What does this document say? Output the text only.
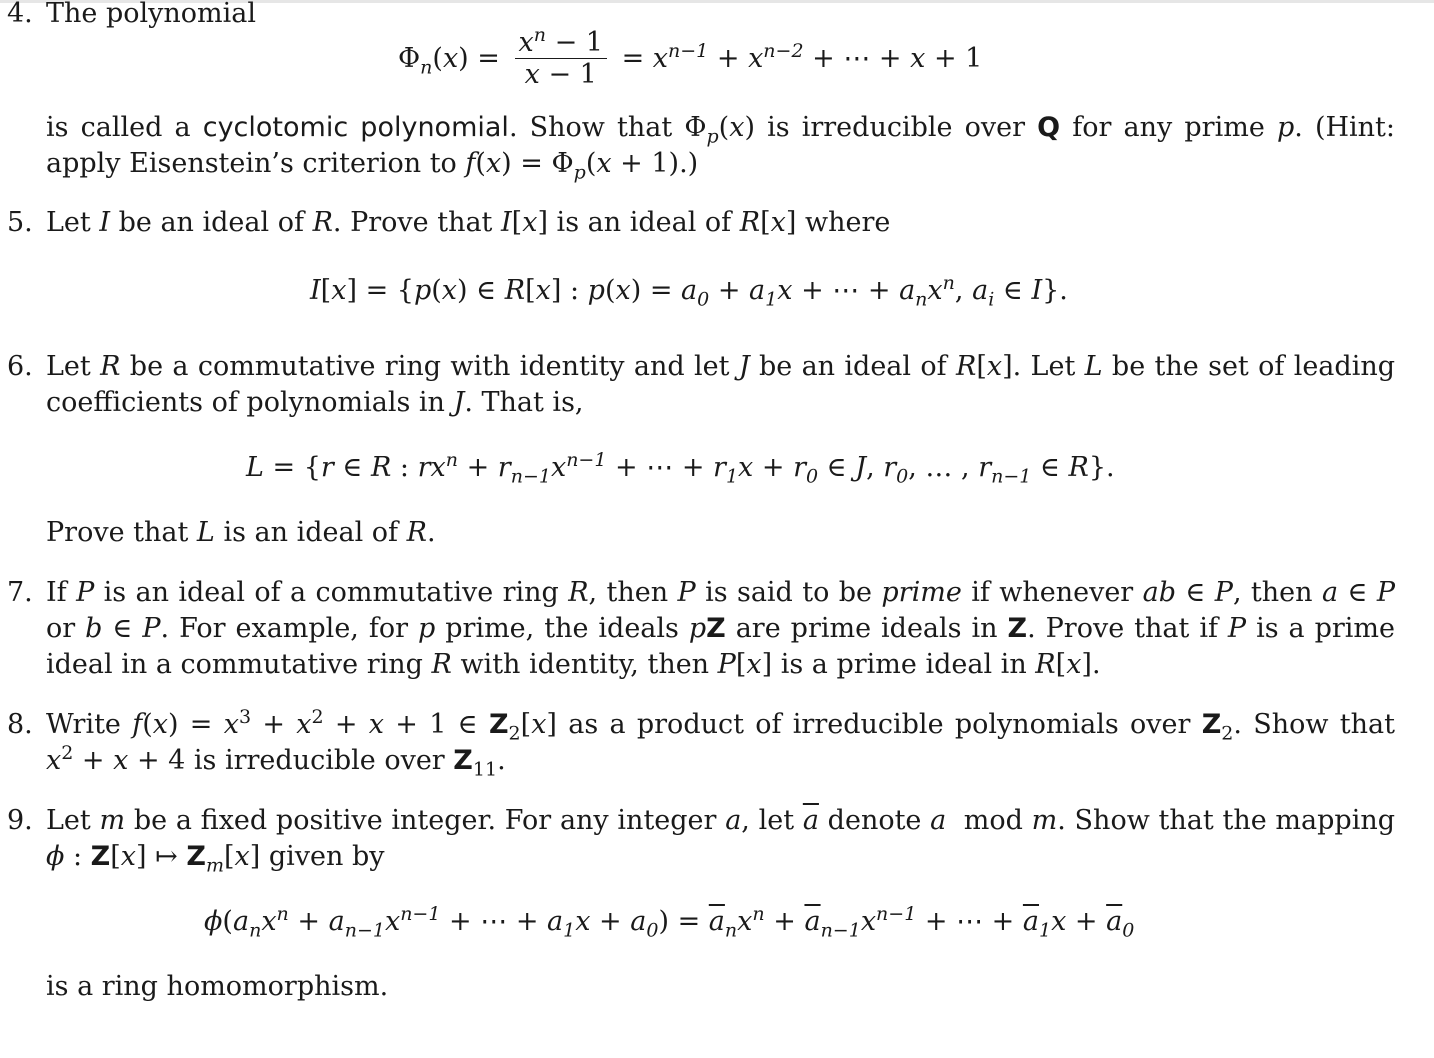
4. The polynomial
$\Phi_n(x) = \frac{x^n - 1}{x - 1} = x^{n-1} + x^{n-2}$ + ⋯ + x + 1
is called a cyclotomic polynomial. Show that $\Phi_p(x)$ is irreducible over Q for any prime p. (Hint:
apply Eisenstein’s criterion to $f(x) = \Phi_p(x + 1)$.)
5. Let I be an ideal of R. Prove that I[x] is an ideal of R[x] where
I[x] = {p(x) ∈ R[x] : $p(x) = a_0 + a_1x$ + ⋯ + $a_nx^n$, $a_i$ ∈ I}.
6. Let R be a commutative ring with identity and let J be an ideal of R[x]. Let L be the set of leading
coefficients of polynomials in J. That is,
L = {r ∈ R : $rx^n + r_{n-1}x^{n-1}$ + ⋯ + $r_1x + r_0$ ∈ J, $r_0$, … , $r_{n-1}$ ∈ R}.
Prove that L is an ideal of R.
7. If P is an ideal of a commutative ring R, then P is said to be prime if whenever ab ∈ P, then a ∈ P
or b ∈ P. For example, for p prime, the ideals pZ are prime ideals in Z. Prove that if P is a prime
ideal in a commutative ring R with identity, then P[x] is a prime ideal in R[x].
8. Write $f(x) = x^3 + x^2 + x + 1$ ∈ $Z_2[x]$ as a product of irreducible polynomials over $Z_2$. Show that
$x^2 + x + 4$ is irreducible over $Z_{11}$.
9. Let m be a fixed positive integer. For any integer a, let $\overline{a}$ denote a  mod m. Show that the mapping
ϕ : Z[x] ↦ $Z_m[x]$ given by
$\phi(a_nx^n + a_{n-1}x^{n-1}$ + ⋯ + $a_1x + a_0) = \overline{a}_nx^n + \overline{a}_{n-1}x^{n-1}$ + ⋯ + $\overline{a}_1x + \overline{a}_0$
is a ring homomorphism.
